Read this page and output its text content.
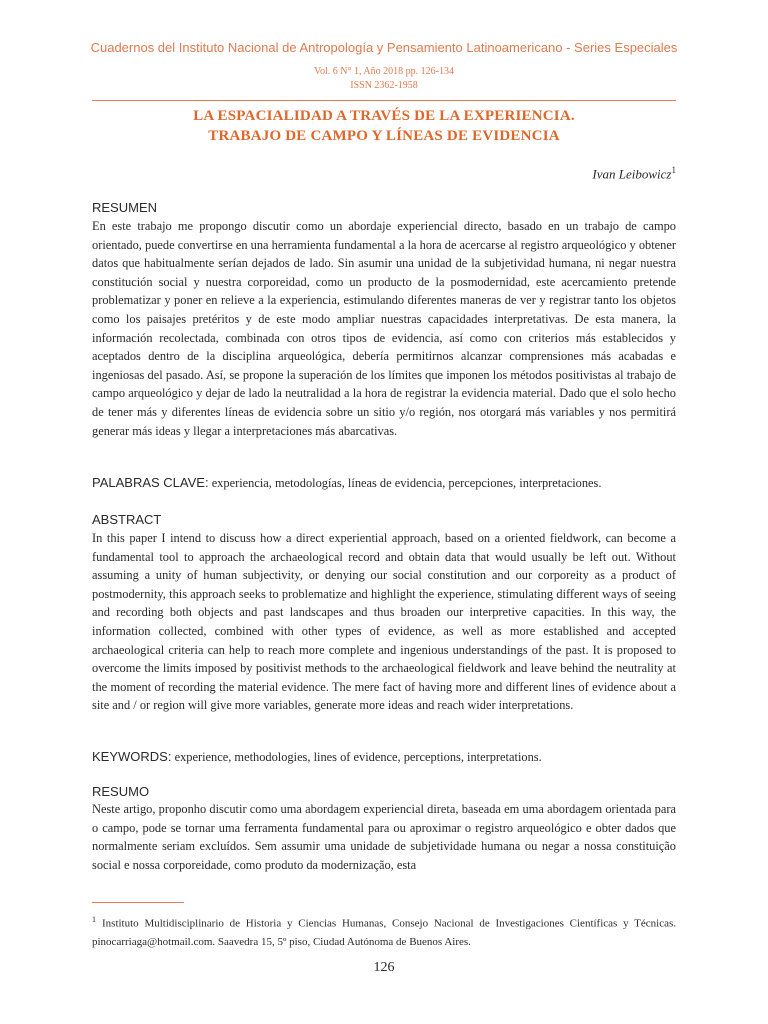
Cuadernos del Instituto Nacional de Antropología y Pensamiento Latinoamericano - Series Especiales
Vol. 6 N° 1, Año 2018 pp. 126-134
ISSN 2362-1958
LA ESPACIALIDAD A TRAVÉS DE LA EXPERIENCIA.
TRABAJO DE CAMPO Y LÍNEAS DE EVIDENCIA
Ivan Leibowicz$^1$
RESUMEN
En este trabajo me propongo discutir como un abordaje experiencial directo, basado en un trabajo de campo orientado, puede convertirse en una herramienta fundamental a la hora de acercarse al registro arqueológico y obtener datos que habitualmente serían dejados de lado. Sin asumir una unidad de la subjetividad humana, ni negar nuestra constitución social y nuestra corporeidad, como un producto de la posmodernidad, este acercamiento pretende problematizar y poner en relieve a la experiencia, estimulando diferentes maneras de ver y registrar tanto los objetos como los paisajes pretéritos y de este modo ampliar nuestras capacidades interpretativas. De esta manera, la información recolectada, combinada con otros tipos de evidencia, así como con criterios más establecidos y aceptados dentro de la disciplina arqueológica, debería permitirnos alcanzar comprensiones más acabadas e ingeniosas del pasado. Así, se propone la superación de los límites que imponen los métodos positivistas al trabajo de campo arqueológico y dejar de lado la neutralidad a la hora de registrar la evidencia material. Dado que el solo hecho de tener más y diferentes líneas de evidencia sobre un sitio y/o región, nos otorgará más variables y nos permitirá generar más ideas y llegar a interpretaciones más abarcativas.
PALABRAS CLAVE: experiencia, metodologías, líneas de evidencia, percepciones, interpretaciones.
ABSTRACT
In this paper I intend to discuss how a direct experiential approach, based on a oriented fieldwork, can become a fundamental tool to approach the archaeological record and obtain data that would usually be left out. Without assuming a unity of human subjectivity, or denying our social constitution and our corporeity as a product of postmodernity, this approach seeks to problematize and highlight the experience, stimulating different ways of seeing and recording both objects and past landscapes and thus broaden our interpretive capacities. In this way, the information collected, combined with other types of evidence, as well as more established and accepted archaeological criteria can help to reach more complete and ingenious understandings of the past. It is proposed to overcome the limits imposed by positivist methods to the archaeological fieldwork and leave behind the neutrality at the moment of recording the material evidence. The mere fact of having more and different lines of evidence about a site and / or region will give more variables, generate more ideas and reach wider interpretations.
KEYWORDS: experience, methodologies, lines of evidence, perceptions, interpretations.
RESUMO
Neste artigo, proponho discutir como uma abordagem experiencial direta, baseada em uma abordagem orientada para o campo, pode se tornar uma ferramenta fundamental para ou aproximar o registro arqueológico e obter dados que normalmente seriam excluídos. Sem assumir uma unidade de subjetividade humana ou negar a nossa constituição social e nossa corporeidade, como produto da modernização, esta
$^1$ Instituto Multidisciplinario de Historia y Ciencias Humanas, Consejo Nacional de Investigaciones Científicas y Técnicas. pinocarriaga@hotmail.com. Saavedra 15, 5º piso, Ciudad Autónoma de Buenos Aires.
126
